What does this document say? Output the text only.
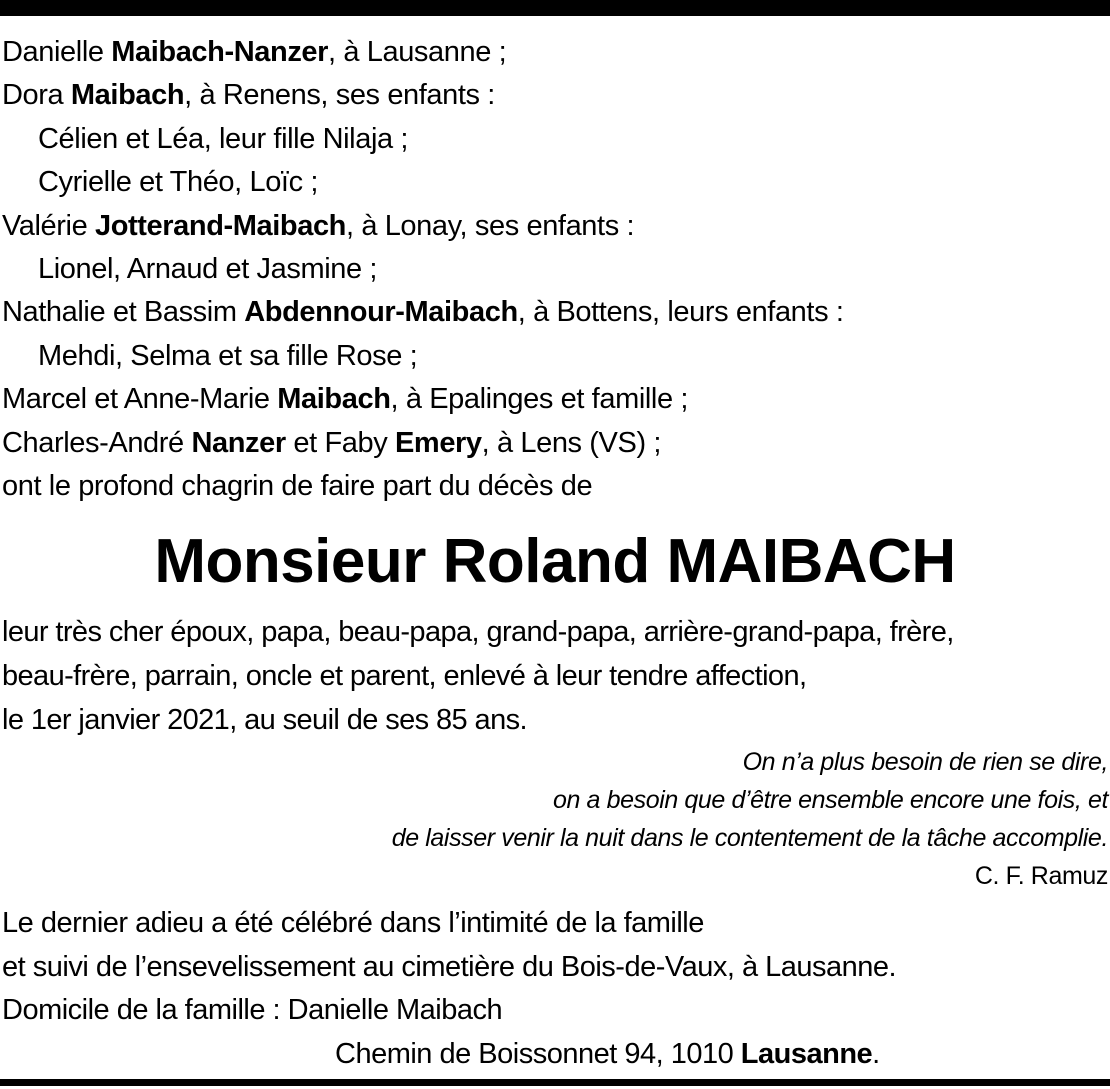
Danielle Maibach-Nanzer, à Lausanne ;
Dora Maibach, à Renens, ses enfants :
Célien et Léa, leur fille Nilaja ;
Cyrielle et Théo, Loïc ;
Valérie Jotterand-Maibach, à Lonay, ses enfants :
Lionel, Arnaud et Jasmine ;
Nathalie et Bassim Abdennour-Maibach, à Bottens, leurs enfants :
Mehdi, Selma et sa fille Rose ;
Marcel et Anne-Marie Maibach, à Epalinges et famille ;
Charles-André Nanzer et Faby Emery, à Lens (VS) ;
ont le profond chagrin de faire part du décès de
Monsieur Roland MAIBACH
leur très cher époux, papa, beau-papa, grand-papa, arrière-grand-papa, frère,
beau-frère, parrain, oncle et parent, enlevé à leur tendre affection,
le 1er janvier 2021, au seuil de ses 85 ans.
On n’a plus besoin de rien se dire,
on a besoin que d’être ensemble encore une fois, et
de laisser venir la nuit dans le contentement de la tâche accomplie.
C. F. Ramuz
Le dernier adieu a été célébré dans l’intimité de la famille
et suivi de l’ensevelissement au cimetière du Bois-de-Vaux, à Lausanne.
Domicile de la famille : Danielle Maibach
Chemin de Boissonnet 94, 1010 Lausanne.
